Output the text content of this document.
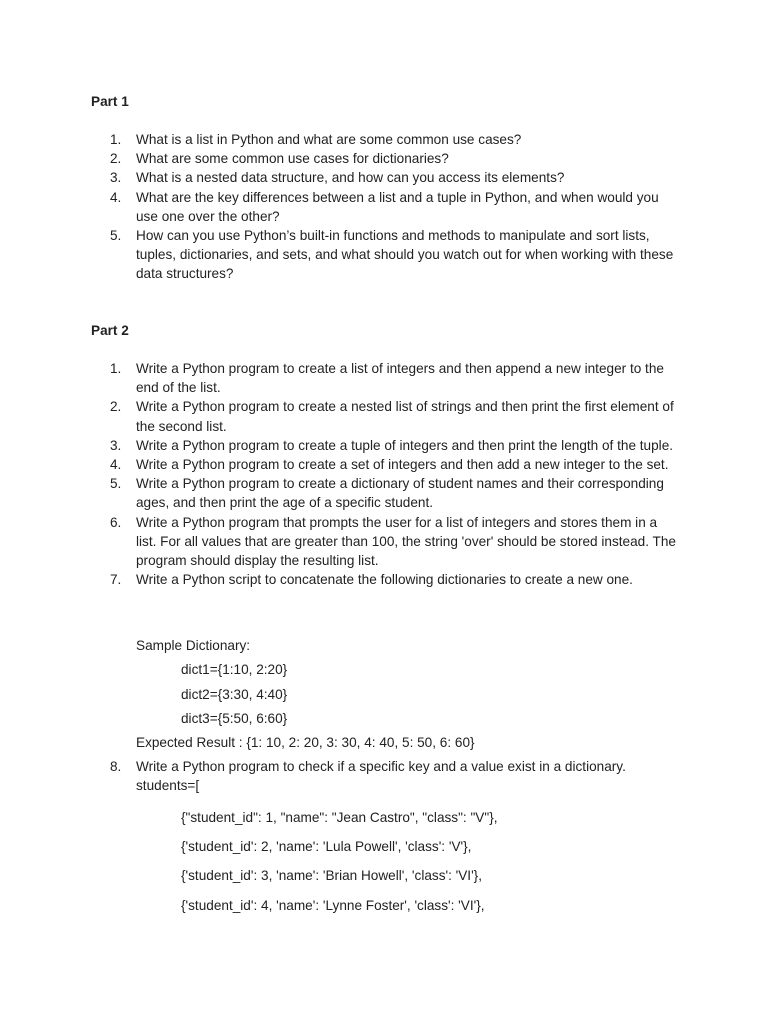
Part 1
1.	What is a list in Python and what are some common use cases?
2.	What are some common use cases for dictionaries?
3.	What is a nested data structure, and how can you access its elements?
4.	What are the key differences between a list and a tuple in Python, and when would you use one over the other?
5.	How can you use Python’s built-in functions and methods to manipulate and sort lists, tuples, dictionaries, and sets, and what should you watch out for when working with these data structures?
Part 2
1.	Write a Python program to create a list of integers and then append a new integer to the end of the list.
2.	Write a Python program to create a nested list of strings and then print the first element of the second list.
3.	Write a Python program to create a tuple of integers and then print the length of the tuple.
4.	Write a Python program to create a set of integers and then add a new integer to the set.
5.	Write a Python program to create a dictionary of student names and their corresponding ages, and then print the age of a specific student.
6.	Write a Python program that prompts the user for a list of integers and stores them in a list. For all values that are greater than 100, the string 'over' should be stored instead. The program should display the resulting list.
7.	Write a Python script to concatenate the following dictionaries to create a new one.
Sample Dictionary:
dict1={1:10, 2:20}
dict2={3:30, 4:40}
dict3={5:50, 6:60}
Expected Result : {1: 10, 2: 20, 3: 30, 4: 40, 5: 50, 6: 60}
8. Write a Python program to check if a specific key and a value exist in a dictionary.
students=[
{"student_id": 1, "name": "Jean Castro", "class": "V"},
{'student_id': 2, 'name': 'Lula Powell', 'class': 'V'},
{'student_id': 3, 'name': 'Brian Howell', 'class': 'VI'},
{'student_id': 4, 'name': 'Lynne Foster', 'class': 'VI'},
